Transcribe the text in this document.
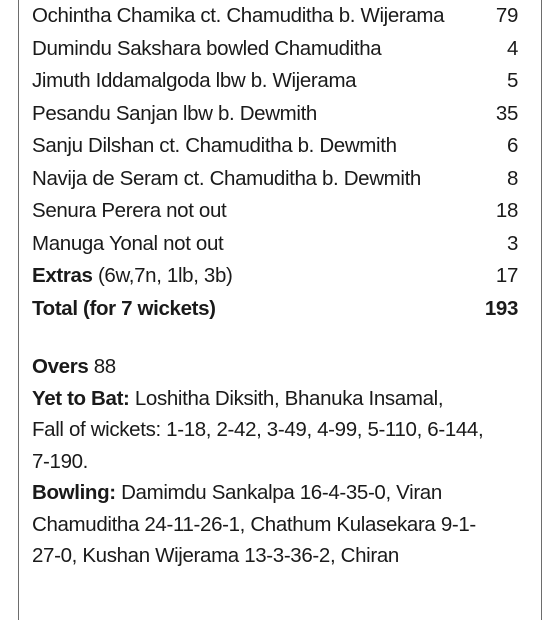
Ochintha Chamika ct. Chamuditha b. Wijerama	79
Dumindu Sakshara bowled Chamuditha	4
Jimuth Iddamalgoda lbw b. Wijerama	5
Pesandu Sanjan lbw b. Dewmith	35
Sanju Dilshan ct. Chamuditha b. Dewmith	6
Navija de Seram ct. Chamuditha b. Dewmith	8
Senura Perera not out	18
Manuga Yonal not out	3
Extras (6w,7n, 1lb, 3b)	17
Total (for 7 wickets)	193
Overs 88
Yet to Bat: Loshitha Diksith, Bhanuka Insamal,
Fall of wickets: 1-18, 2-42, 3-49, 4-99, 5-110, 6-144,
7-190.
Bowling: Damimdu Sankalpa 16-4-35-0, Viran
Chamuditha 24-11-26-1, Chathum Kulasekara 9-1-
27-0, Kushan Wijerama 13-3-36-2, Chiran
